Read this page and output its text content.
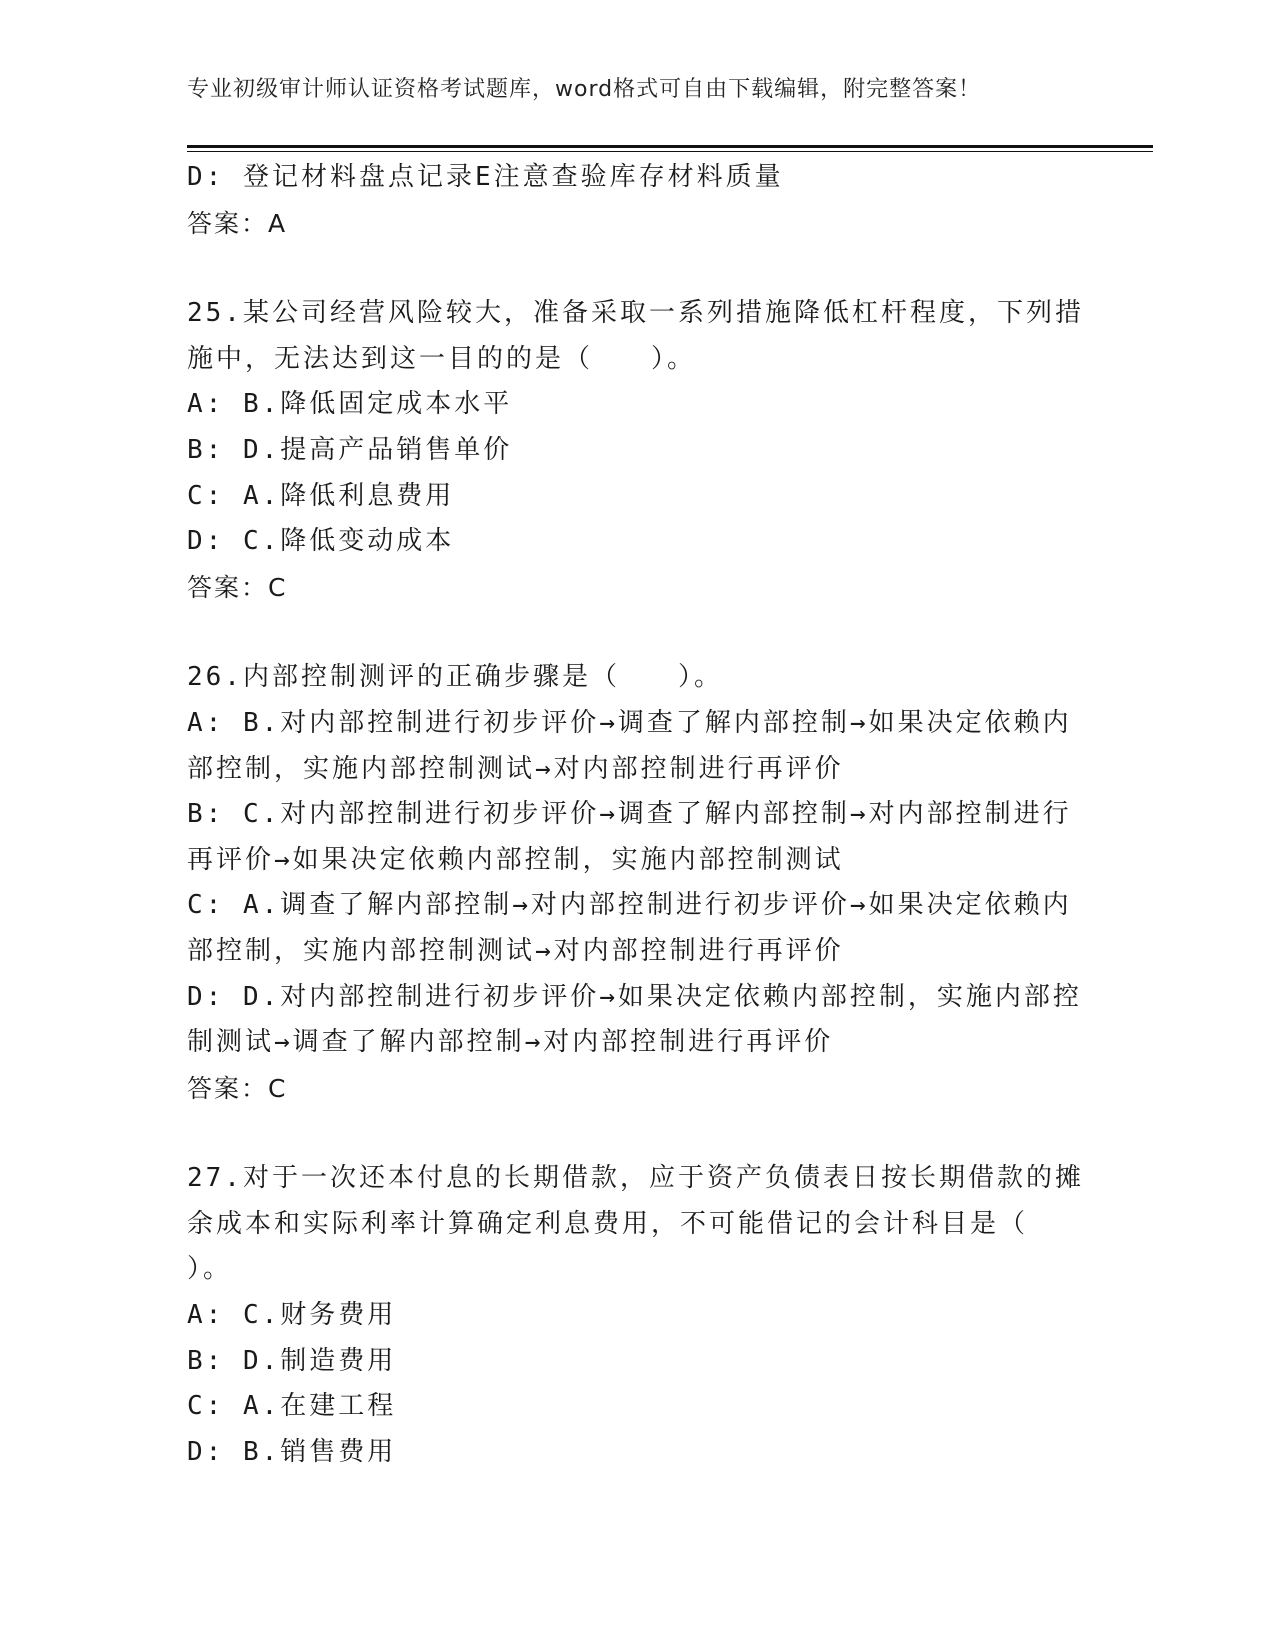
专业初级审计师认证资格考试题库，word格式可自由下载编辑，附完整答案！
D: 登记材料盘点记录E注意查验库存材料质量
答案：A
25.某公司经营风险较大，准备采取一系列措施降低杠杆程度，下列措
施中，无法达到这一目的的是（　　）。
A: B.降低固定成本水平
B: D.提高产品销售单价
C: A.降低利息费用
D: C.降低变动成本
答案：C
26.内部控制测评的正确步骤是（　　）。
A: B.对内部控制进行初步评价→调查了解内部控制→如果决定依赖内
部控制，实施内部控制测试→对内部控制进行再评价
B: C.对内部控制进行初步评价→调查了解内部控制→对内部控制进行
再评价→如果决定依赖内部控制，实施内部控制测试
C: A.调查了解内部控制→对内部控制进行初步评价→如果决定依赖内
部控制，实施内部控制测试→对内部控制进行再评价
D: D.对内部控制进行初步评价→如果决定依赖内部控制，实施内部控
制测试→调查了解内部控制→对内部控制进行再评价
答案：C
27.对于一次还本付息的长期借款，应于资产负债表日按长期借款的摊
余成本和实际利率计算确定利息费用，不可能借记的会计科目是（
）。
A: C.财务费用
B: D.制造费用
C: A.在建工程
D: B.销售费用
